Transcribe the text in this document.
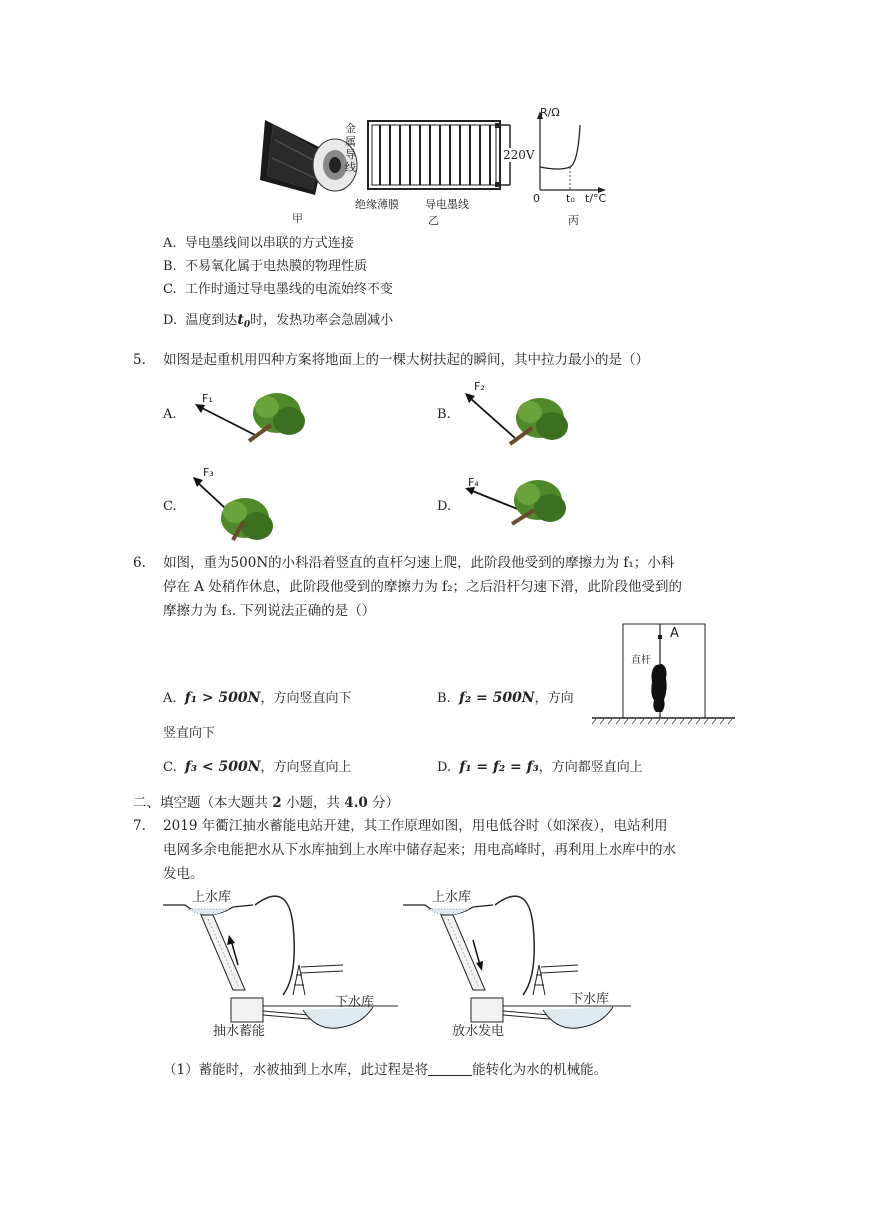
甲
金
属
导
线
220V
绝缘薄膜 导电墨线
乙
R/Ω
0 t₀ t/°C
丙
A. 导电墨线间以串联的方式连接
B. 不易氧化属于电热膜的物理性质
C. 工作时通过导电墨线的电流始终不变
D. 温度到达$t_0$时，发热功率会急剧减小
5. 如图是起重机用四种方案将地面上的一棵大树扶起的瞬间，其中拉力最小的是（）
A.
F₁
B.
F₂
C.
F₃
D.
F₄
6. 如图，重为500N的小科沿着竖直的直杆匀速上爬，此阶段他受到的摩擦力为 f₁；小科
停在 A 处稍作休息，此阶段他受到的摩擦力为 f₂；之后沿杆匀速下滑，此阶段他受到的
摩擦力为 f₃. 下列说法正确的是（）
A
直杆
A. f₁ > 500N，方向竖直向下	B. f₂ = 500N，方向
竖直向下
C. f₃ < 500N，方向竖直向上	D. f₁ = f₂ = f₃，方向都竖直向上
二、填空题（本大题共 2 小题，共 4.0 分）
7. 2019 年衢江抽水蓄能电站开建，其工作原理如图，用电低谷时（如深夜），电站利用
电网多余电能把水从下水库抽到上水库中储存起来；用电高峰时，再利用上水库中的水
发电。
上水库
下水库
抽水蓄能
上水库
下水库
放水发电
（1）蓄能时，水被抽到上水库，此过程是将	能转化为水的机械能。
